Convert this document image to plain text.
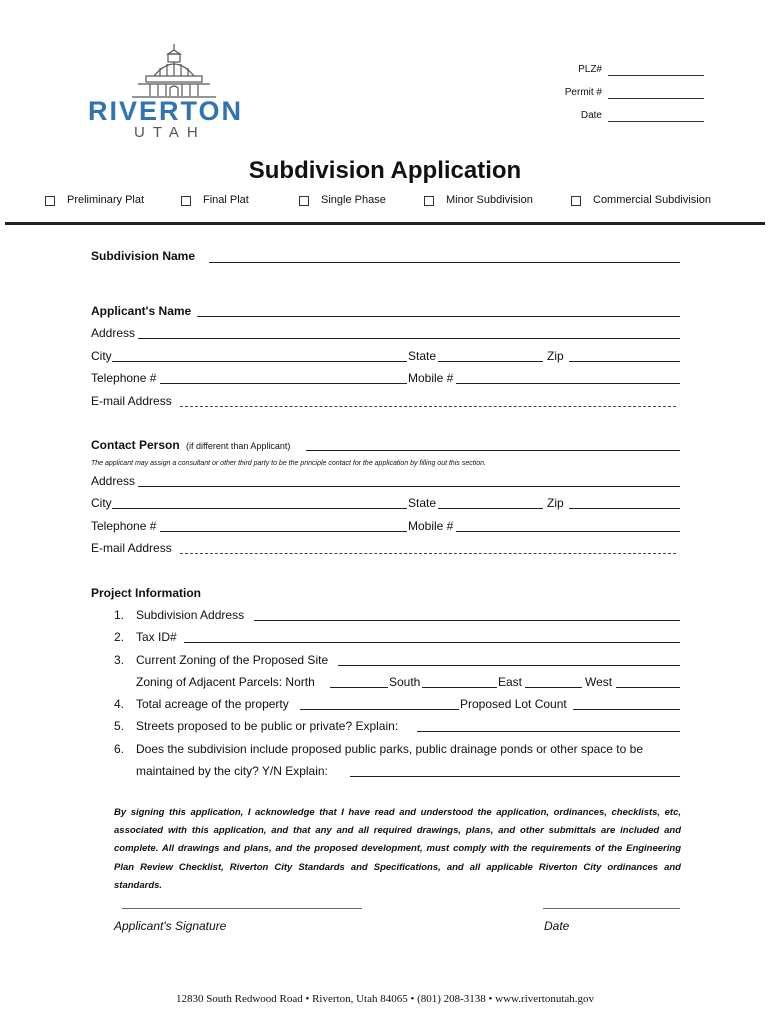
RIVERTON
UTAH
PLZ#
Permit #
Date
Subdivision Application
Preliminary Plat	Final Plat	Single Phase	Minor Subdivision	Commercial Subdivision
Subdivision Name
Applicant's Name
Address
City	State	Zip
Telephone #	Mobile #
E-mail Address
Contact Person (if different than Applicant)
The applicant may assign a consultant or other third party to be the principle contact for the application by filling out this section.
Address
City	State	Zip
Telephone #	Mobile #
E-mail Address
Project Information
1. Subdivision Address
2. Tax ID#
3. Current Zoning of the Proposed Site
Zoning of Adjacent Parcels: North	South	East	West
4. Total acreage of the property	Proposed Lot Count
5. Streets proposed to be public or private? Explain:
6. Does the subdivision include proposed public parks, public drainage ponds or other space to be
maintained by the city? Y/N Explain:
By signing this application, I acknowledge that I have read and understood the application, ordinances, checklists, etc, associated with this application, and that any and all required drawings, plans, and other submittals are included and complete. All drawings and plans, and the proposed development, must comply with the requirements of the Engineering Plan Review Checklist, Riverton City Standards and Specifications, and all applicable Riverton City ordinances and standards.
Applicant's Signature	Date
12830 South Redwood Road • Riverton, Utah 84065 • (801) 208-3138 • www.rivertonutah.gov
